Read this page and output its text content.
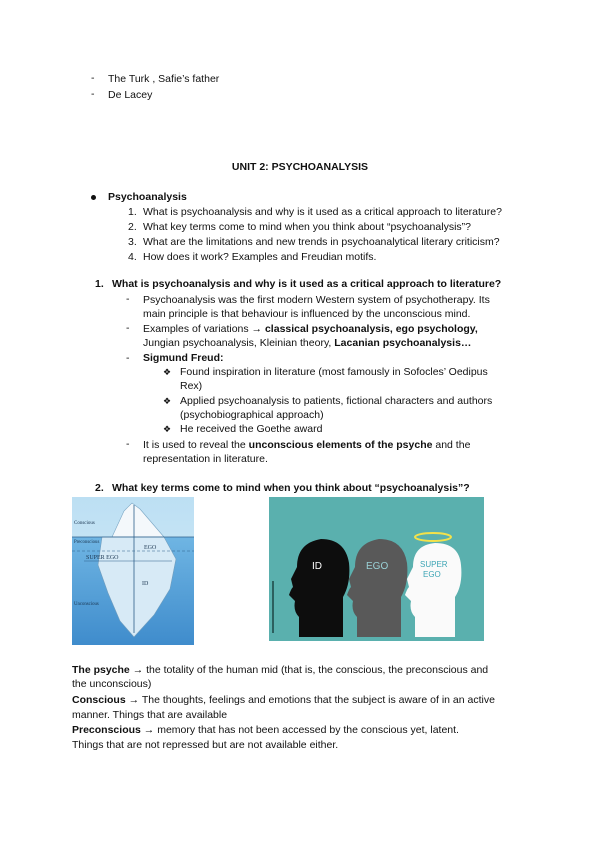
- The Turk , Safie’s father
- De Lacey
UNIT 2: PSYCHOANALYSIS
Psychoanalysis
1. What is psychoanalysis and why is it used as a critical approach to literature?
2. What key terms come to mind when you think about “psychoanalysis”?
3. What are the limitations and new trends in psychoanalytical literary criticism?
4. How does it work? Examples and Freudian motifs.
1. What is psychoanalysis and why is it used as a critical approach to literature?
- Psychoanalysis was the first modern Western system of psychotherapy. Its
main principle is that behaviour is influenced by the unconscious mind.
- Examples of variations → classical psychoanalysis, ego psychology,
Jungian psychoanalysis, Kleinian theory, Lacanian psychoanalysis…
- Sigmund Freud:
❖ Found inspiration in literature (most famously in Sofocles’ Oedipus
Rex)
❖ Applied psychoanalysis to patients, fictional characters and authors
(psychobiographical approach)
❖ He received the Goethe award
- It is used to reveal the unconscious elements of the psyche and the
representation in literature.
2. What key terms come to mind when you think about “psychoanalysis”?
Conscious
Preconscious
EGO
SUPER EGO
ID
Unconscious
ID	EGO	SUPER
EGO
The psyche → the totality of the human mid (that is, the conscious, the preconscious and
the unconscious)
Conscious → The thoughts, feelings and emotions that the subject is aware of in an active
manner. Things that are available
Preconscious → memory that has not been accessed by the conscious yet, latent.
Things that are not repressed but are not available either.
